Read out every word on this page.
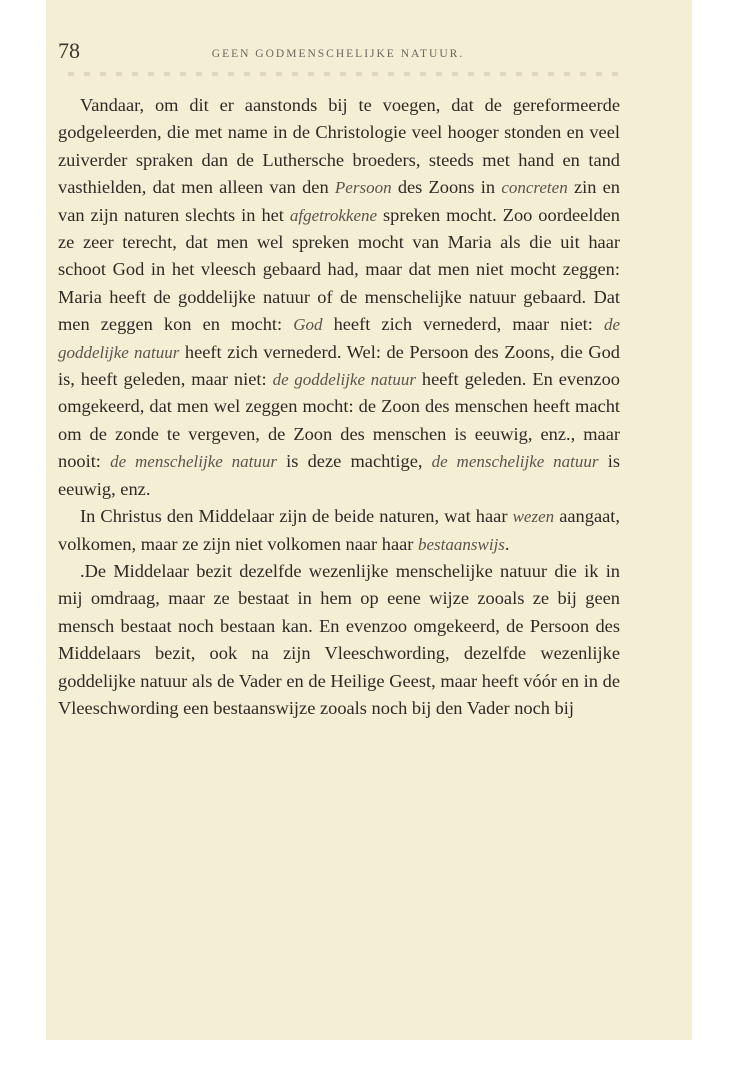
78	GEEN GODMENSCHELIJKE NATUUR.

Vandaar, om dit er aanstonds bij te voegen, dat de gereformeerde godgeleerden, die met name in de Christologie veel hooger stonden en veel zuiverder spraken dan de Luthersche broeders, steeds met hand en tand vasthielden, dat men alleen van den Persoon des Zoons in concreten zin en van zijn naturen slechts in het afgetrokkene spreken mocht. Zoo oordeelden ze zeer terecht, dat men wel spreken mocht van Maria als die uit haar schoot God in het vleesch gebaard had, maar dat men niet mocht zeggen: Maria heeft de goddelijke natuur of de menschelijke natuur gebaard. Dat men zeggen kon en mocht: God heeft zich vernederd, maar niet: de goddelijke natuur heeft zich vernederd. Wel: de Persoon des Zoons, die God is, heeft geleden, maar niet: de goddelijke natuur heeft geleden. En evenzoo omgekeerd, dat men wel zeggen mocht: de Zoon des menschen heeft macht om de zonde te vergeven, de Zoon des menschen is eeuwig, enz., maar nooit: de menschelijke natuur is deze machtige, de menschelijke natuur is eeuwig, enz.

In Christus den Middelaar zijn de beide naturen, wat haar wezen aangaat, volkomen, maar ze zijn niet volkomen naar haar bestaanswijs.

.De Middelaar bezit dezelfde wezenlijke menschelijke natuur die ik in mij omdraag, maar ze bestaat in hem op eene wijze zooals ze bij geen mensch bestaat noch bestaan kan. En evenzoo omgekeerd, de Persoon des Middelaars bezit, ook na zijn Vleeschwording, dezelfde wezenlijke goddelijke natuur als de Vader en de Heilige Geest, maar heeft vóór en in de Vleeschwording een bestaanswijze zooals noch bij den Vader noch bij
